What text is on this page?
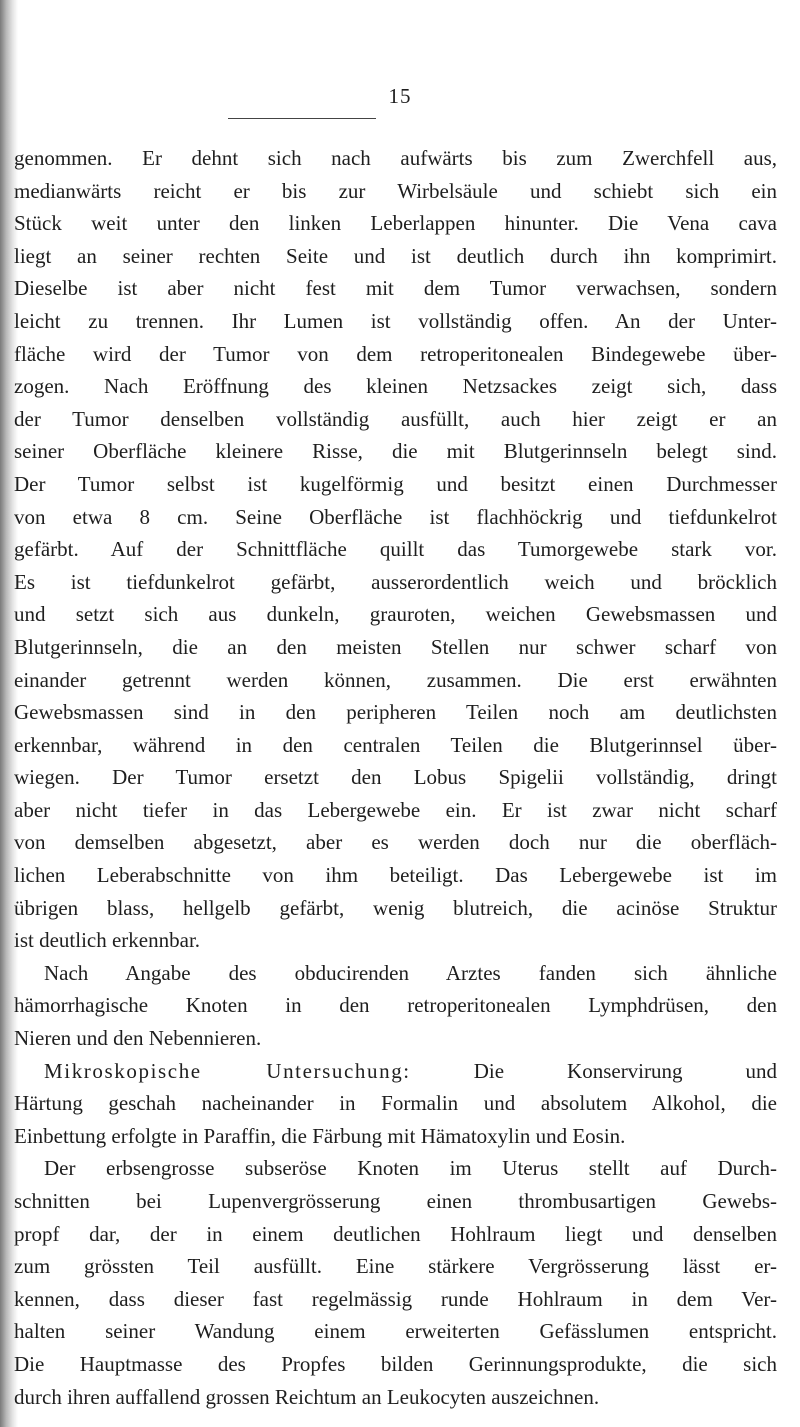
15
genommen. Er dehnt sich nach aufwärts bis zum Zwerchfell aus,
medianwärts reicht er bis zur Wirbelsäule und schiebt sich ein
Stück weit unter den linken Leberlappen hinunter. Die Vena cava
liegt an seiner rechten Seite und ist deutlich durch ihn komprimirt.
Dieselbe ist aber nicht fest mit dem Tumor verwachsen, sondern
leicht zu trennen. Ihr Lumen ist vollständig offen. An der Unter-
fläche wird der Tumor von dem retroperitonealen Bindegewebe über-
zogen. Nach Eröffnung des kleinen Netzsackes zeigt sich, dass
der Tumor denselben vollständig ausfüllt, auch hier zeigt er an
seiner Oberfläche kleinere Risse, die mit Blutgerinnseln belegt sind.
Der Tumor selbst ist kugelförmig und besitzt einen Durchmesser
von etwa 8 cm. Seine Oberfläche ist flachhöckrig und tiefdunkelrot
gefärbt. Auf der Schnittfläche quillt das Tumorgewebe stark vor.
Es ist tiefdunkelrot gefärbt, ausserordentlich weich und bröcklich
und setzt sich aus dunkeln, grauroten, weichen Gewebsmassen und
Blutgerinnseln, die an den meisten Stellen nur schwer scharf von
einander getrennt werden können, zusammen. Die erst erwähnten
Gewebsmassen sind in den peripheren Teilen noch am deutlichsten
erkennbar, während in den centralen Teilen die Blutgerinnsel über-
wiegen. Der Tumor ersetzt den Lobus Spigelii vollständig, dringt
aber nicht tiefer in das Lebergewebe ein. Er ist zwar nicht scharf
von demselben abgesetzt, aber es werden doch nur die oberfläch-
lichen Leberabschnitte von ihm beteiligt. Das Lebergewebe ist im
übrigen blass, hellgelb gefärbt, wenig blutreich, die acinöse Struktur
ist deutlich erkennbar.
Nach Angabe des obducirenden Arztes fanden sich ähnliche
hämorrhagische Knoten in den retroperitonealen Lymphdrüsen, den
Nieren und den Nebennieren.
Mikroskopische Untersuchung: Die Konservirung und
Härtung geschah nacheinander in Formalin und absolutem Alkohol, die
Einbettung erfolgte in Paraffin, die Färbung mit Hämatoxylin und Eosin.
Der erbsengrosse subseröse Knoten im Uterus stellt auf Durch-
schnitten bei Lupenvergrösserung einen thrombusartigen Gewebs-
propf dar, der in einem deutlichen Hohlraum liegt und denselben
zum grössten Teil ausfüllt. Eine stärkere Vergrösserung lässt er-
kennen, dass dieser fast regelmässig runde Hohlraum in dem Ver-
halten seiner Wandung einem erweiterten Gefässlumen entspricht.
Die Hauptmasse des Propfes bilden Gerinnungsprodukte, die sich
durch ihren auffallend grossen Reichtum an Leukocyten auszeichnen.
